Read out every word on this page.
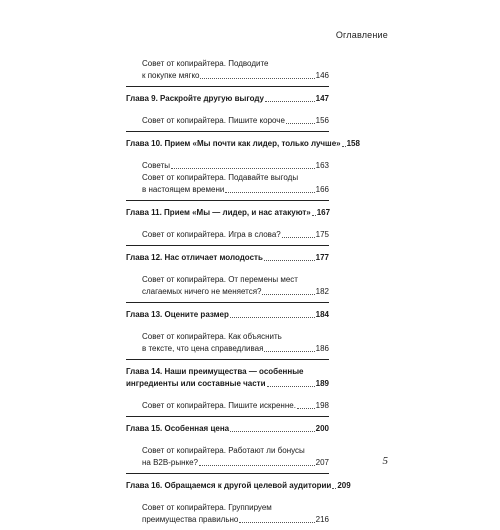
Оглавление
Совет от копирайтера. Подводите
к покупке мягко	146
Глава 9. Раскройте другую выгоду	147
Совет от копирайтера. Пишите короче	156
Глава 10. Прием «Мы почти как лидер, только лучше» 158
Советы	163
Совет от копирайтера. Подавайте выгоды
в настоящем времени	166
Глава 11. Прием «Мы — лидер, и нас атакуют» 167
Совет от копирайтера. Игра в слова?	175
Глава 12. Нас отличает молодость	177
Совет от копирайтера. От перемены мест
слагаемых ничего не меняется?	182
Глава 13. Оцените размер	184
Совет от копирайтера. Как объяснить
в тексте, что цена справедливая	186
Глава 14. Наши преимущества — особенные
ингредиенты или составные части	189
Совет от копирайтера. Пишите искренне. 198
Глава 15. Особенная цена	200
Совет от копирайтера. Работают ли бонусы
на B2B-рынке?	207
Глава 16. Обращаемся к другой целевой аудитории 209
Совет от копирайтера. Группируем
преимущества правильно	216
5
